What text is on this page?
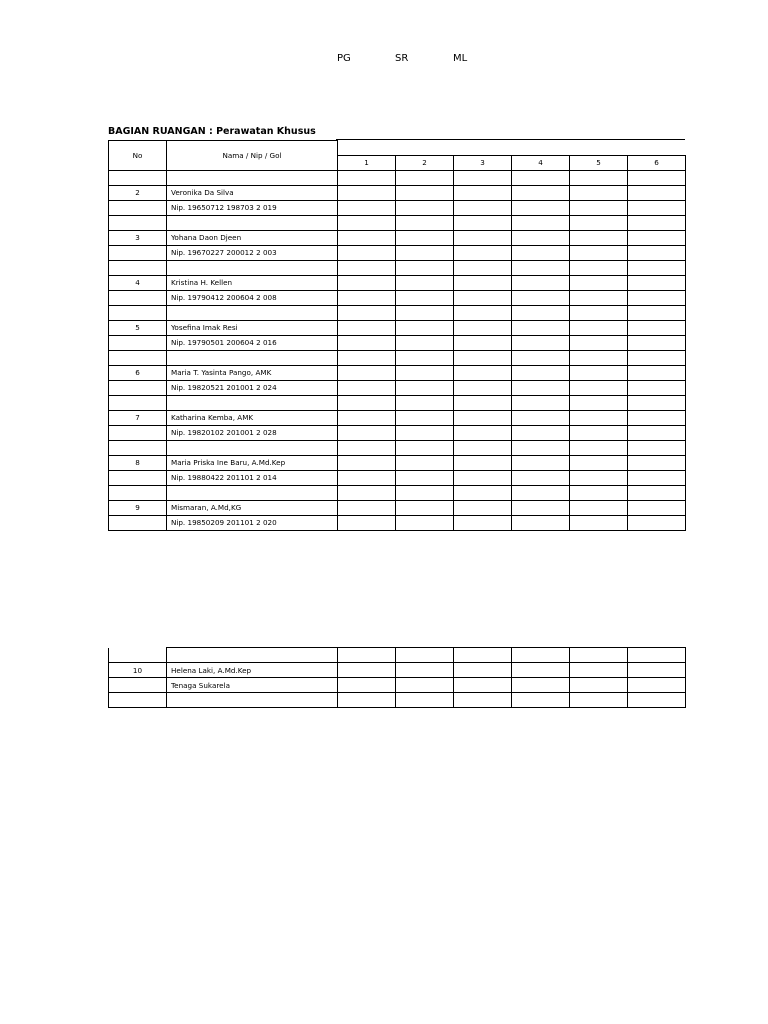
PG	SR	ML
BAGIAN RUANGAN : Perawatan Khusus
No	Nama / Nip / Gol						
		1	2	3	4	5	6

2	Veronika Da Silva						
	Nip. 19650712 198703 2 019						

3	Yohana Daon Djeen						
	Nip. 19670227 200012 2 003						

4	Kristina H. Kellen						
	Nip. 19790412 200604 2 008						

5	Yosefina Imak Resi						
	Nip. 19790501 200604 2 016						

6	Maria T. Yasinta Pango, AMK						
	Nip. 19820521 201001 2 024						

7	Katharina Kemba, AMK						
	Nip. 19820102 201001 2 028						

8	Maria Priska Ine Baru, A.Md.Kep						
	Nip. 19880422 201101 2 014						

9	Mismaran, A.Md,KG						
	Nip. 19850209 201101 2 020						

10	Helena Laki, A.Md.Kep						
	Tenaga Sukarela						
